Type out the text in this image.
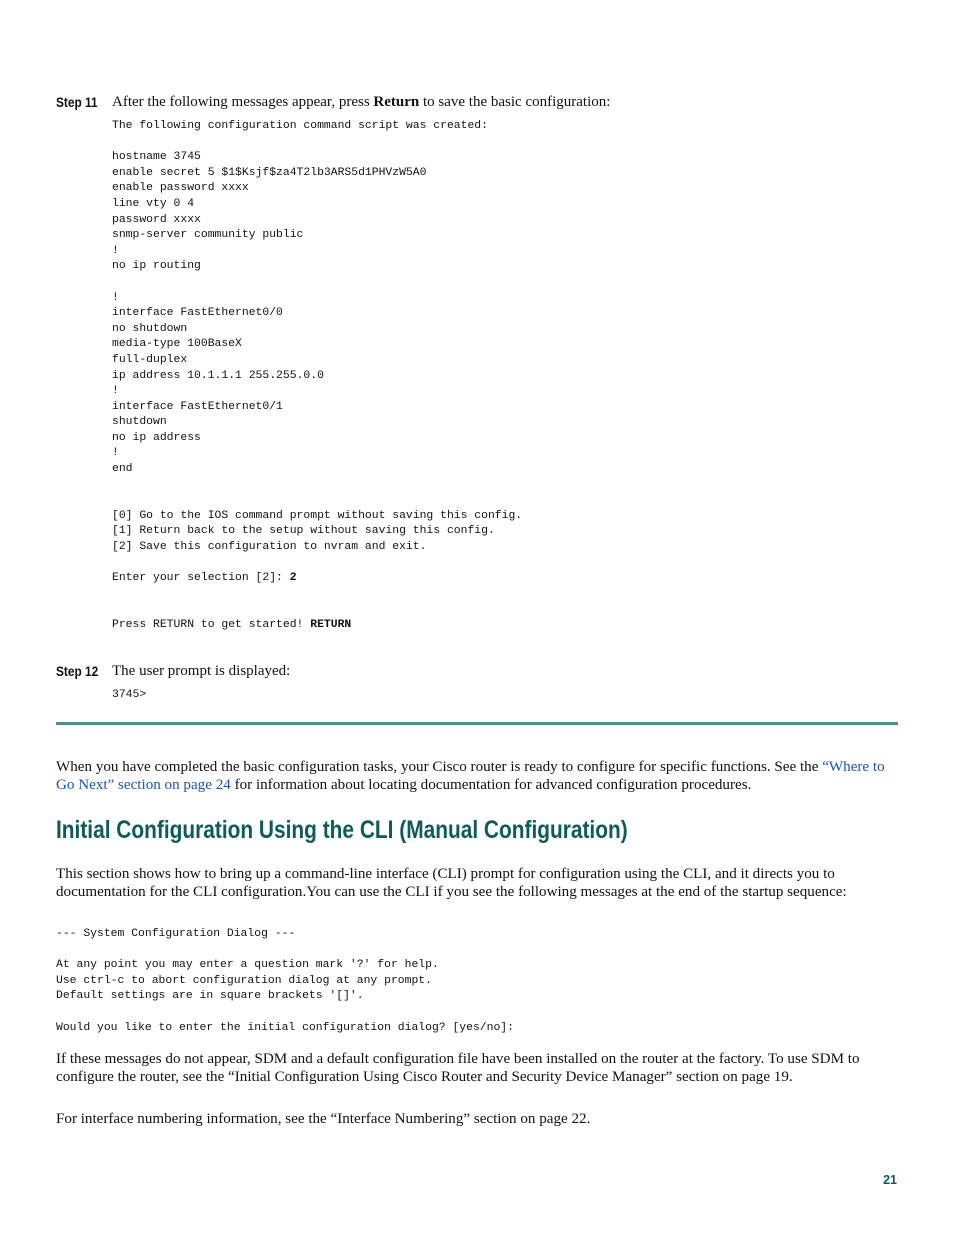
Step 11 After the following messages appear, press Return to save the basic configuration:
The following configuration command script was created:

hostname 3745
enable secret 5 $1$Ksjf$za4T2lb3ARS5d1PHVzW5A0
enable password xxxx
line vty 0 4
password xxxx
snmp-server community public
!
no ip routing

!
interface FastEthernet0/0
no shutdown
media-type 100BaseX
full-duplex
ip address 10.1.1.1 255.255.0.0
!
interface FastEthernet0/1
shutdown
no ip address
!
end

[0] Go to the IOS command prompt without saving this config.
[1] Return back to the setup without saving this config.
[2] Save this configuration to nvram and exit.

Enter your selection [2]: 2
Press RETURN to get started! RETURN
Step 12 The user prompt is displayed:
3745>
When you have completed the basic configuration tasks, your Cisco router is ready to configure for specific functions. See the “Where to Go Next” section on page 24 for information about locating documentation for advanced configuration procedures.
Initial Configuration Using the CLI (Manual Configuration)
This section shows how to bring up a command-line interface (CLI) prompt for configuration using the CLI, and it directs you to documentation for the CLI configuration.You can use the CLI if you see the following messages at the end of the startup sequence:
--- System Configuration Dialog ---

At any point you may enter a question mark '?' for help.
Use ctrl-c to abort configuration dialog at any prompt.
Default settings are in square brackets '[]'.

Would you like to enter the initial configuration dialog? [yes/no]:
If these messages do not appear, SDM and a default configuration file have been installed on the router at the factory. To use SDM to configure the router, see the “Initial Configuration Using Cisco Router and Security Device Manager” section on page 19.
For interface numbering information, see the “Interface Numbering” section on page 22.
21
